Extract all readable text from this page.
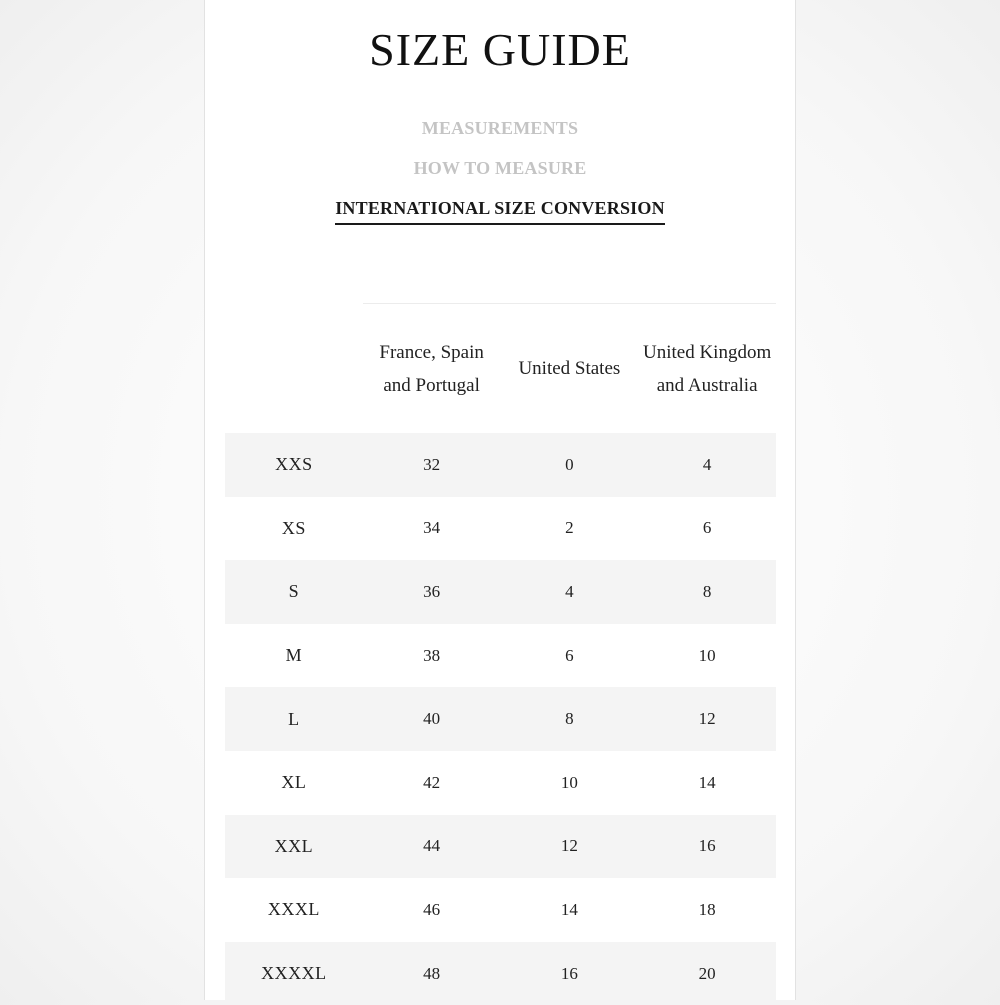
SIZE GUIDE
MEASUREMENTS
HOW TO MEASURE
INTERNATIONAL SIZE CONVERSION
	France, Spain and Portugal	United States	United Kingdom and Australia
XXS	32	0	4
XS	34	2	6
S	36	4	8
M	38	6	10
L	40	8	12
XL	42	10	14
XXL	44	12	16
XXXL	46	14	18
XXXXL	48	16	20
